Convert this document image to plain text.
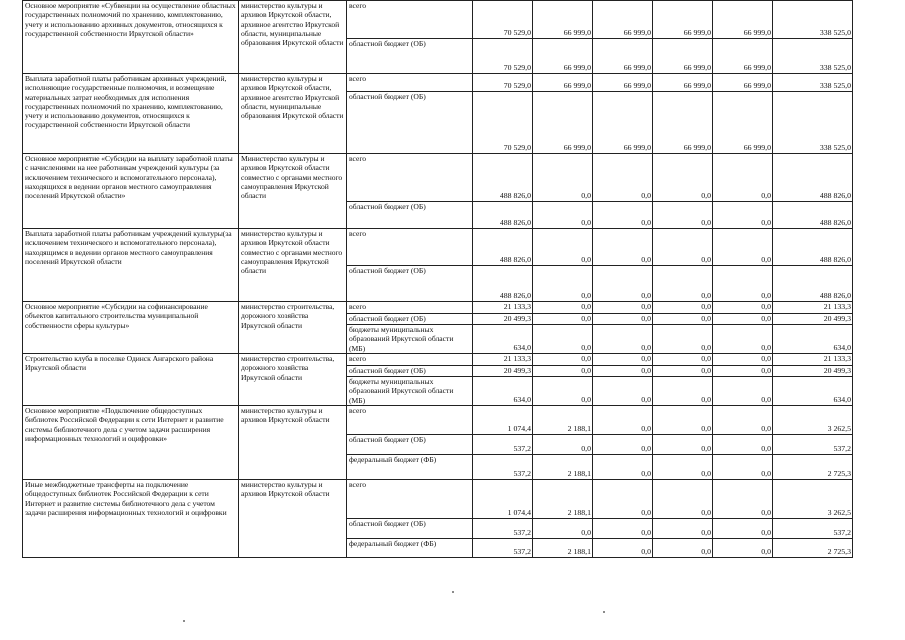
Основное мероприятие «Субвенции на осуществление областных государственных полномочий по хранению, комплектованию, учету и использованию архивных документов, относящихся к государственной собственности Иркутской области»	министерство культуры и архивов Иркутской области, архивное агентство Иркутской области, муниципальные образования Иркутской области	всего	70 529,0	66 999,0	66 999,0	66 999,0	66 999,0	338 525,0
		областной бюджет (ОБ)	70 529,0	66 999,0	66 999,0	66 999,0	66 999,0	338 525,0
Выплата заработной платы работникам архивных учреждений, исполняющие государственные полномочия, и возмещение материальных затрат необходимых для исполнения государственных полномочий по хранению, комплектованию, учету и использованию документов, относящихся к государственной собственности Иркутской области	министерство культуры и архивов Иркутской области, архивное агентство Иркутской области, муниципальные образования Иркутской области	всего	70 529,0	66 999,0	66 999,0	66 999,0	66 999,0	338 525,0
		областной бюджет (ОБ)	70 529,0	66 999,0	66 999,0	66 999,0	66 999,0	338 525,0
Основное мероприятие «Субсидии на выплату заработной платы с начислениями на нее работникам учреждений культуры (за исключением технического и вспомогательного персонала), находящихся в ведении органов местного самоуправления поселений Иркутской области»	Министерство культуры и архивов Иркутской области совместно с органами местного самоуправления Иркутской области	всего	488 826,0	0,0	0,0	0,0	0,0	488 826,0
		областной бюджет (ОБ)	488 826,0	0,0	0,0	0,0	0,0	488 826,0
Выплата заработной платы работникам учреждений культуры(за исключением технического и вспомогательного персонала), находящимся в ведении органов местного самоуправления поселений Иркутской области	министерство культуры и архивов Иркутской области совместно с органами местного самоуправления Иркутской области	всего	488 826,0	0,0	0,0	0,0	0,0	488 826,0
		областной бюджет (ОБ)	488 826,0	0,0	0,0	0,0	0,0	488 826,0
Основное мероприятие «Субсидии на софинансирование объектов капитального строительства муниципальной собственности сферы культуры»	министерство строительства, дорожного хозяйства Иркутской области	всего	21 133,3	0,0	0,0	0,0	0,0	21 133,3
		областной бюджет (ОБ)	20 499,3	0,0	0,0	0,0	0,0	20 499,3
		бюджеты муниципальных образований Иркутской области (МБ)	634,0	0,0	0,0	0,0	0,0	634,0
Строительство клуба в поселке Одинск Ангарского района Иркутской области	министерство строительства, дорожного хозяйства Иркутской области	всего	21 133,3	0,0	0,0	0,0	0,0	21 133,3
		областной бюджет (ОБ)	20 499,3	0,0	0,0	0,0	0,0	20 499,3
		бюджеты муниципальных образований Иркутской области (МБ)	634,0	0,0	0,0	0,0	0,0	634,0
Основное мероприятие «Подключение общедоступных библиотек Российской Федерации к сети Интернет и развитие системы библиотечного дела с учетом задачи расширения информационных технологий и оцифровки»	министерство культуры и архивов Иркутской области	всего	1 074,4	2 188,1	0,0	0,0	0,0	3 262,5
		областной бюджет (ОБ)	537,2	0,0	0,0	0,0	0,0	537,2
		федеральный бюджет (ФБ)	537,2	2 188,1	0,0	0,0	0,0	2 725,3
Иные межбюджетные трансферты на подключение общедоступных библиотек Российской Федерации к сети Интернет и развитие системы библиотечного дела с учетом задачи расширения информационных технологий и оцифровки	министерство культуры и архивов Иркутской области	всего	1 074,4	2 188,1	0,0	0,0	0,0	3 262,5
		областной бюджет (ОБ)	537,2	0,0	0,0	0,0	0,0	537,2
		федеральный бюджет (ФБ)	537,2	2 188,1	0,0	0,0	0,0	2 725,3
